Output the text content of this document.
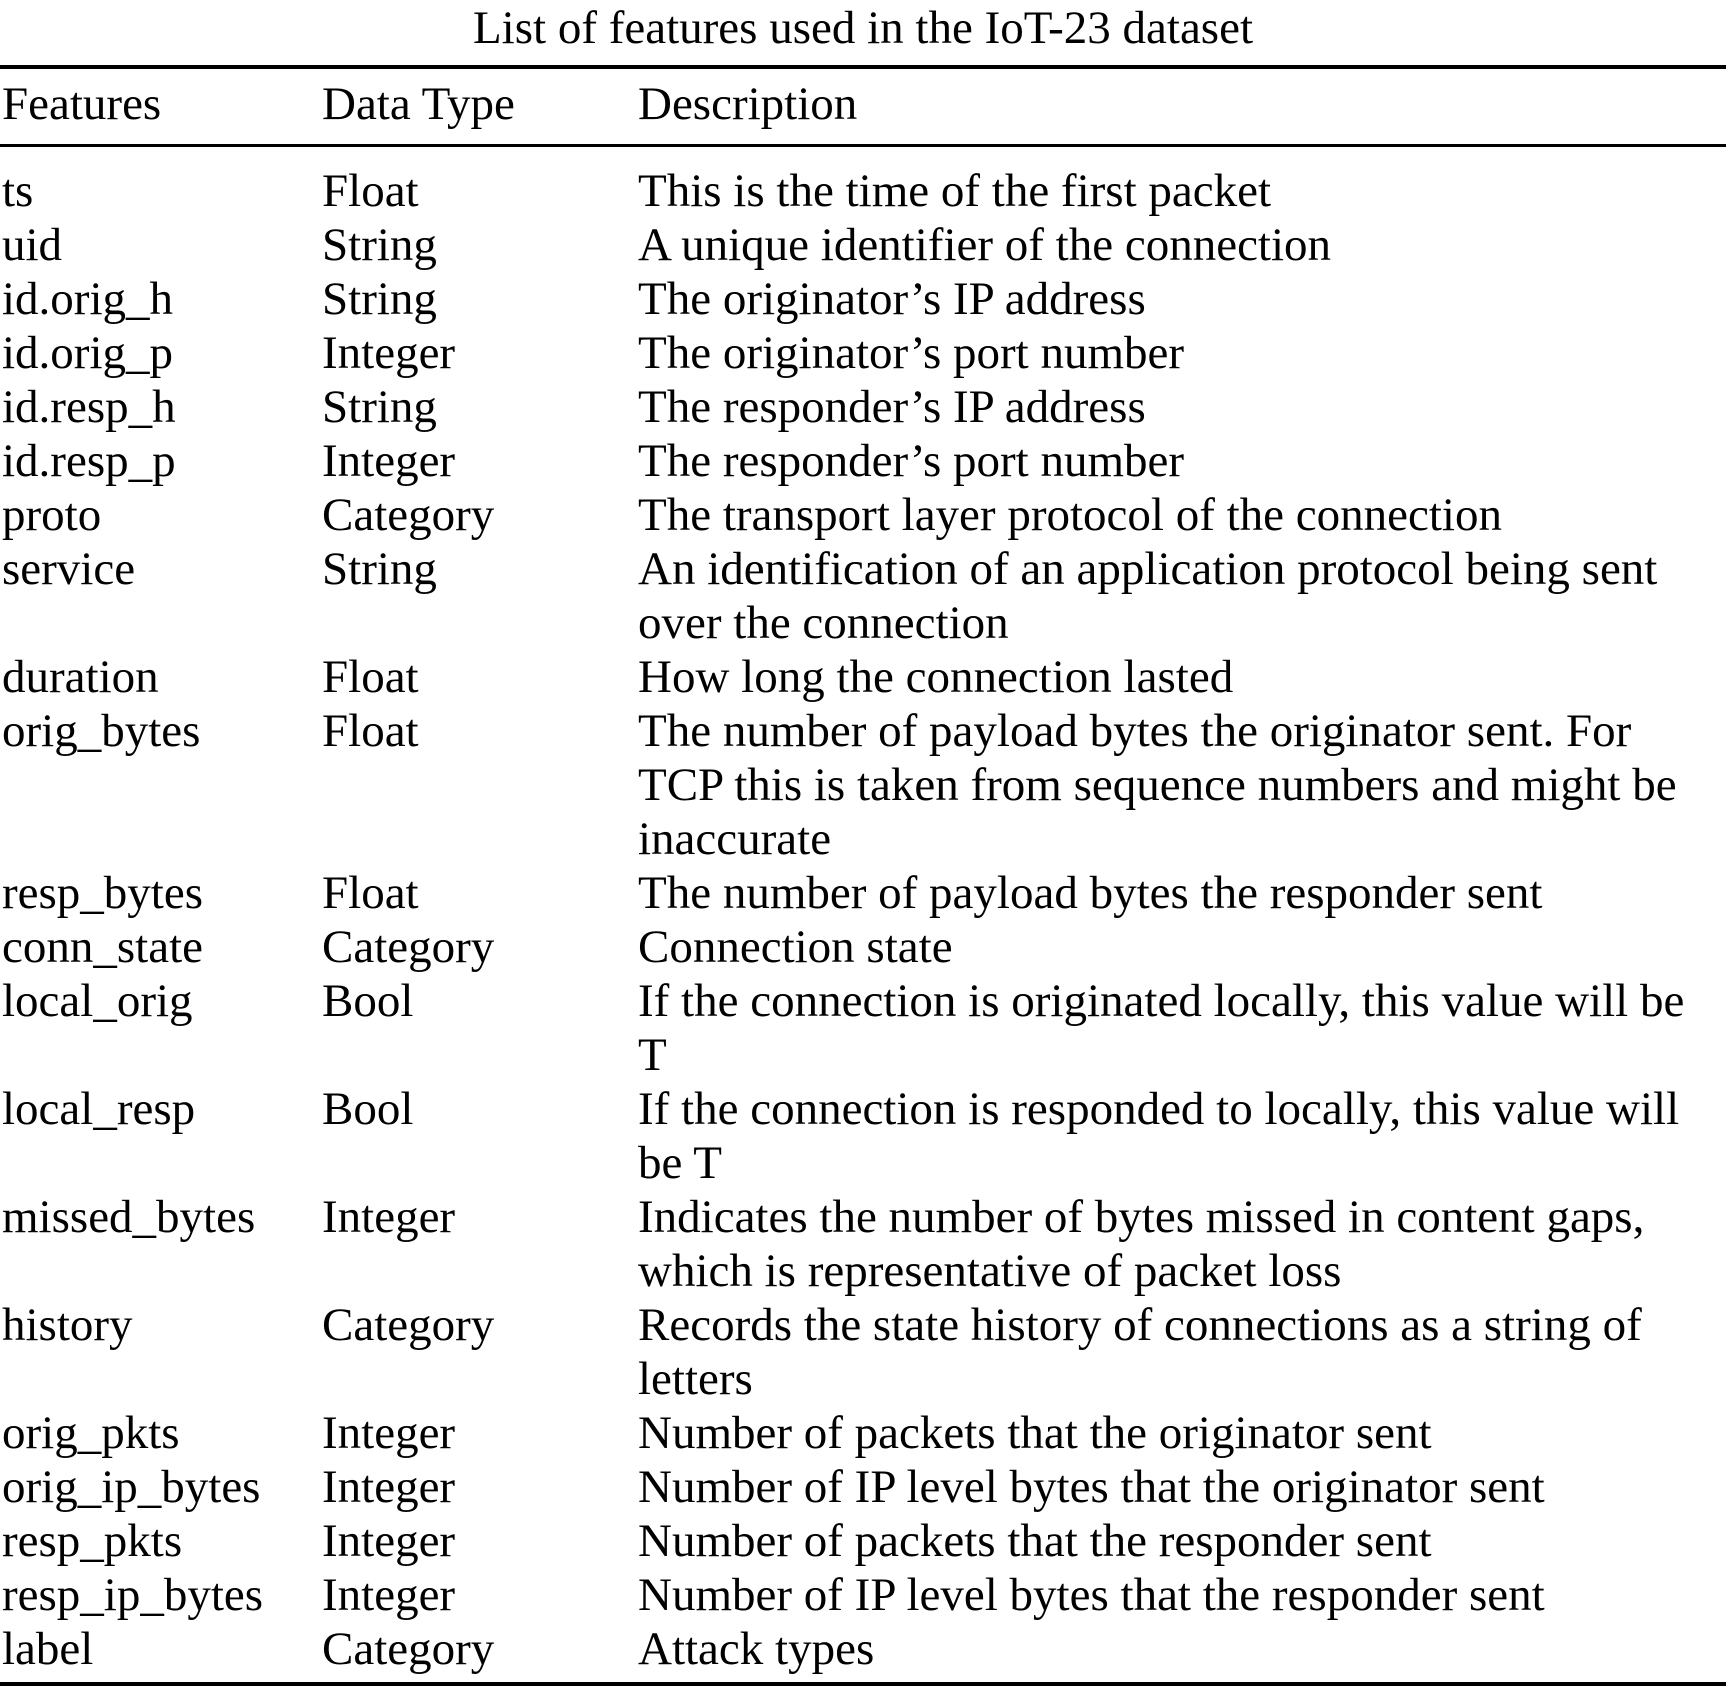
List of features used in the IoT-23 dataset
Features	Data Type	Description
ts	Float	This is the time of the first packet
uid	String	A unique identifier of the connection
id.orig_h	String	The originator’s IP address
id.orig_p	Integer	The originator’s port number
id.resp_h	String	The responder’s IP address
id.resp_p	Integer	The responder’s port number
proto	Category	The transport layer protocol of the connection
service	String	An identification of an application protocol being sent over the connection
duration	Float	How long the connection lasted
orig_bytes	Float	The number of payload bytes the originator sent. For TCP this is taken from sequence numbers and might be inaccurate
resp_bytes	Float	The number of payload bytes the responder sent
conn_state	Category	Connection state
local_orig	Bool	If the connection is originated locally, this value will be T
local_resp	Bool	If the connection is responded to locally, this value will be T
missed_bytes	Integer	Indicates the number of bytes missed in content gaps, which is representative of packet loss
history	Category	Records the state history of connections as a string of letters
orig_pkts	Integer	Number of packets that the originator sent
orig_ip_bytes	Integer	Number of IP level bytes that the originator sent
resp_pkts	Integer	Number of packets that the responder sent
resp_ip_bytes	Integer	Number of IP level bytes that the responder sent
label	Category	Attack types
